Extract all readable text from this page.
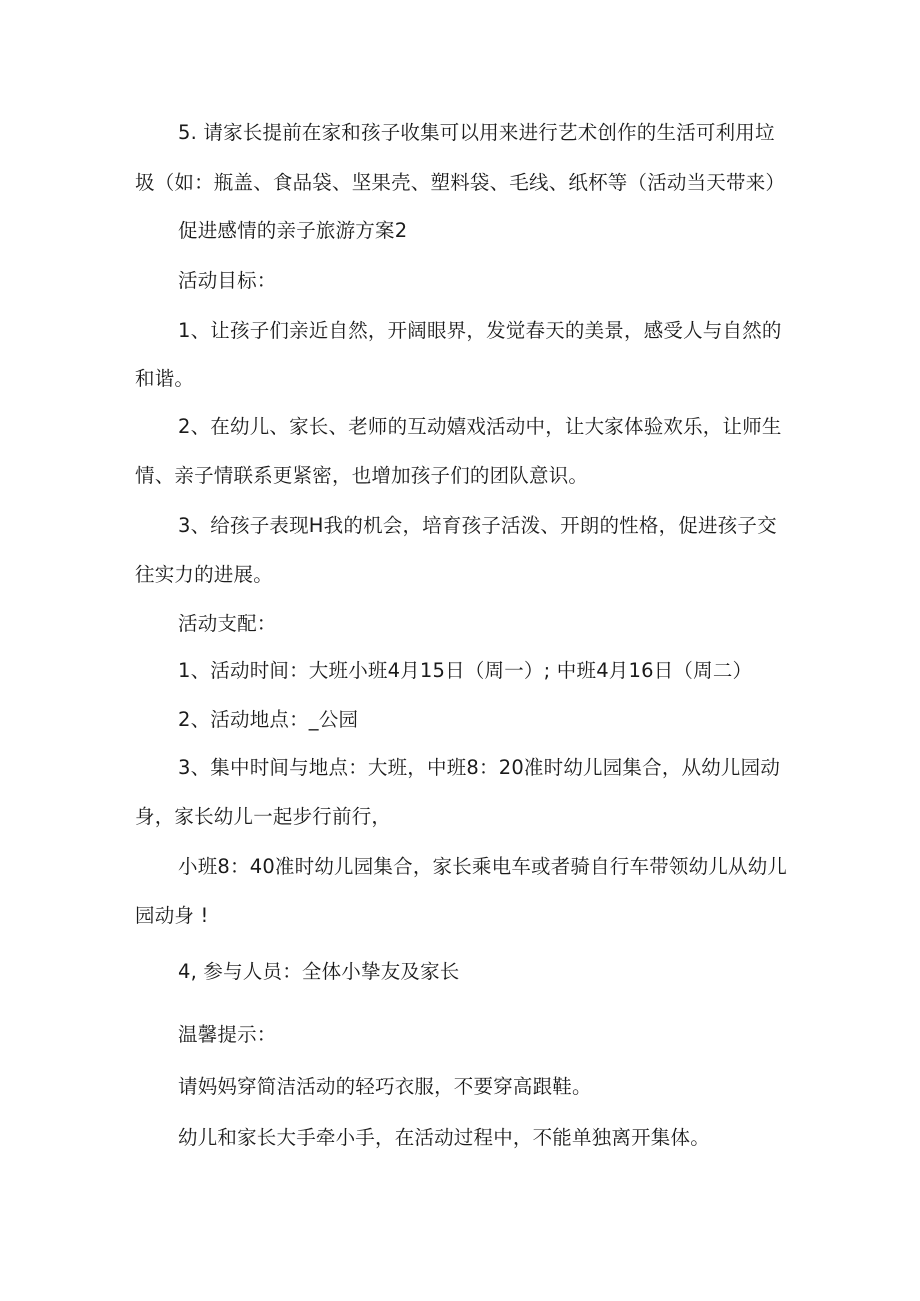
5. 请家长提前在家和孩子收集可以用来进行艺术创作的生活可利用垃
圾（如：瓶盖、食品袋、坚果壳、塑料袋、毛线、纸杯等（活动当天带来）
促进感情的亲子旅游方案2
活动目标：
1、让孩子们亲近自然，开阔眼界，发觉春天的美景，感受人与自然的
和谐。
2、在幼儿、家长、老师的互动嬉戏活动中，让大家体验欢乐，让师生
情、亲子情联系更紧密，也增加孩子们的团队意识。
3、给孩子表现H我的机会，培育孩子活泼、开朗的性格，促进孩子交
往实力的进展。
活动支配：
1、活动时间：大班小班4月15日（周一）; 中班4月16日（周二）
2、活动地点：_公园
3、集中时间与地点：大班，中班8：20准时幼儿园集合，从幼儿园动
身，家长幼儿一起步行前行，
小班8：40准时幼儿园集合，家长乘电车或者骑自行车带领幼儿从幼儿
园动身 !
4, 参与人员：全体小挚友及家长
温馨提示：
请妈妈穿简洁活动的轻巧衣服，不要穿高跟鞋。
幼儿和家长大手牵小手，在活动过程中，不能单独离开集体。
